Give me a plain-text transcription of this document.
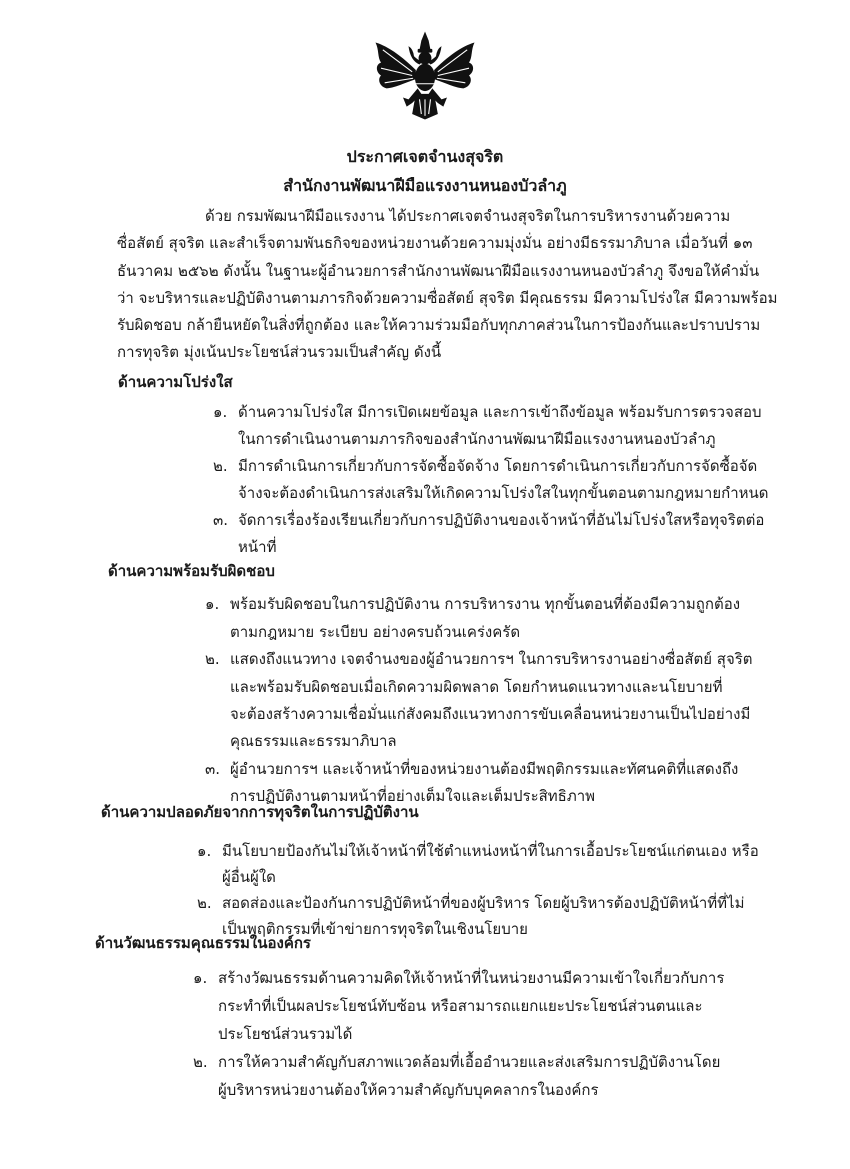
ประกาศเจตจำนงสุจริต
สำนักงานพัฒนาฝีมือแรงงานหนองบัวลำภู
ด้วย กรมพัฒนาฝีมือแรงงาน ได้ประกาศเจตจำนงสุจริตในการบริหารงานด้วยความ
ซื่อสัตย์ สุจริต และสำเร็จตามพันธกิจของหน่วยงานด้วยความมุ่งมั่น อย่างมีธรรมาภิบาล เมื่อวันที่ ๑๓
ธันวาคม ๒๕๖๒ ดังนั้น ในฐานะผู้อำนวยการสำนักงานพัฒนาฝีมือแรงงานหนองบัวลำภู จึงขอให้คำมั่น
ว่า จะบริหารและปฏิบัติงานตามภารกิจด้วยความซื่อสัตย์ สุจริต มีคุณธรรม มีความโปร่งใส มีความพร้อม
รับผิดชอบ กล้ายืนหยัดในสิ่งที่ถูกต้อง และให้ความร่วมมือกับทุกภาคส่วนในการป้องกันและปราบปราม
การทุจริต มุ่งเน้นประโยชน์ส่วนรวมเป็นสำคัญ ดังนี้
ด้านความโปร่งใส
๑. ด้านความโปร่งใส มีการเปิดเผยข้อมูล และการเข้าถึงข้อมูล พร้อมรับการตรวจสอบ
ในการดำเนินงานตามภารกิจของสำนักงานพัฒนาฝีมือแรงงานหนองบัวลำภู
๒. มีการดำเนินการเกี่ยวกับการจัดซื้อจัดจ้าง โดยการดำเนินการเกี่ยวกับการจัดซื้อจัด
จ้างจะต้องดำเนินการส่งเสริมให้เกิดความโปร่งใสในทุกขั้นตอนตามกฎหมายกำหนด
๓. จัดการเรื่องร้องเรียนเกี่ยวกับการปฏิบัติงานของเจ้าหน้าที่อันไม่โปร่งใสหรือทุจริตต่อ
หน้าที่
ด้านความพร้อมรับผิดชอบ
๑. พร้อมรับผิดชอบในการปฏิบัติงาน การบริหารงาน ทุกขั้นตอนที่ต้องมีความถูกต้อง
ตามกฎหมาย ระเบียบ อย่างครบถ้วนเคร่งครัด
๒. แสดงถึงแนวทาง เจตจำนงของผู้อำนวยการฯ ในการบริหารงานอย่างซื่อสัตย์ สุจริต
และพร้อมรับผิดชอบเมื่อเกิดความผิดพลาด โดยกำหนดแนวทางและนโยบายที่
จะต้องสร้างความเชื่อมั่นแก่สังคมถึงแนวทางการขับเคลื่อนหน่วยงานเป็นไปอย่างมี
คุณธรรมและธรรมาภิบาล
๓. ผู้อำนวยการฯ และเจ้าหน้าที่ของหน่วยงานต้องมีพฤติกรรมและทัศนคติที่แสดงถึง
การปฏิบัติงานตามหน้าที่อย่างเต็มใจและเต็มประสิทธิภาพ
ด้านความปลอดภัยจากการทุจริตในการปฏิบัติงาน
๑. มีนโยบายป้องกันไม่ให้เจ้าหน้าที่ใช้ตำแหน่งหน้าที่ในการเอื้อประโยชน์แก่ตนเอง หรือ
ผู้อื่นผู้ใด
๒. สอดส่องและป้องกันการปฏิบัติหน้าที่ของผู้บริหาร โดยผู้บริหารต้องปฏิบัติหน้าที่ที่ไม่
เป็นพฤติกรรมที่เข้าข่ายการทุจริตในเชิงนโยบาย
ด้านวัฒนธรรมคุณธรรมในองค์กร
๑. สร้างวัฒนธรรมด้านความคิดให้เจ้าหน้าที่ในหน่วยงานมีความเข้าใจเกี่ยวกับการ
กระทำที่เป็นผลประโยชน์ทับซ้อน หรือสามารถแยกแยะประโยชน์ส่วนตนและ
ประโยชน์ส่วนรวมได้
๒. การให้ความสำคัญกับสภาพแวดล้อมที่เอื้ออำนวยและส่งเสริมการปฏิบัติงานโดย
ผู้บริหารหน่วยงานต้องให้ความสำคัญกับบุคคลากรในองค์กร
